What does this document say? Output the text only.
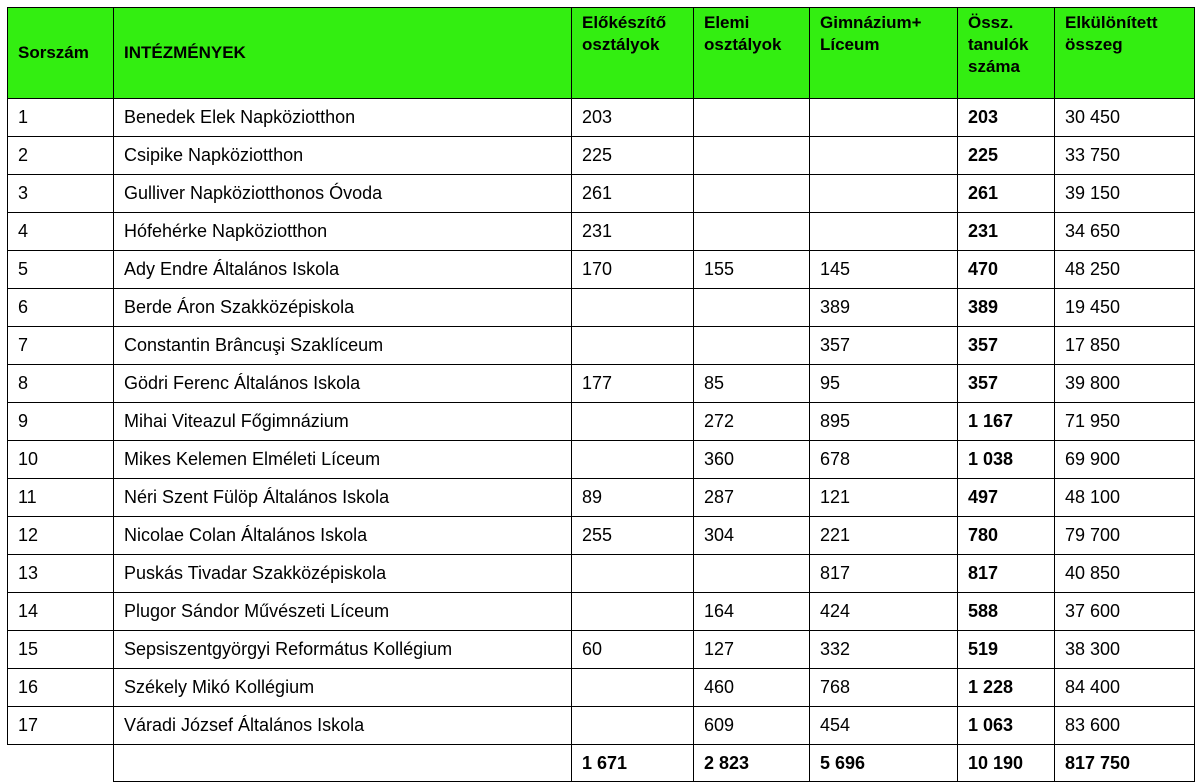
Sorszám	INTÉZMÉNYEK	Előkészítő osztályok	Elemi osztályok	Gimnázium+ Líceum	Össz. tanulók száma	Elkülönített összeg
1	Benedek Elek Napköziotthon	203			203	30 450
2	Csipike Napköziotthon	225			225	33 750
3	Gulliver Napköziotthonos Óvoda	261			261	39 150
4	Hófehérke Napköziotthon	231			231	34 650
5	Ady Endre Általános Iskola	170	155	145	470	48 250
6	Berde Áron Szakközépiskola			389	389	19 450
7	Constantin Brâncuşi Szaklíceum			357	357	17 850
8	Gödri Ferenc Általános Iskola	177	85	95	357	39 800
9	Mihai Viteazul Főgimnázium		272	895	1 167	71 950
10	Mikes Kelemen Elméleti Líceum		360	678	1 038	69 900
11	Néri Szent Fülöp Általános Iskola	89	287	121	497	48 100
12	Nicolae Colan Általános Iskola	255	304	221	780	79 700
13	Puskás Tivadar Szakközépiskola			817	817	40 850
14	Plugor Sándor Művészeti Líceum		164	424	588	37 600
15	Sepsiszentgyörgyi Református Kollégium	60	127	332	519	38 300
16	Székely Mikó Kollégium		460	768	1 228	84 400
17	Váradi József Általános Iskola		609	454	1 063	83 600
		1 671	2 823	5 696	10 190	817 750
